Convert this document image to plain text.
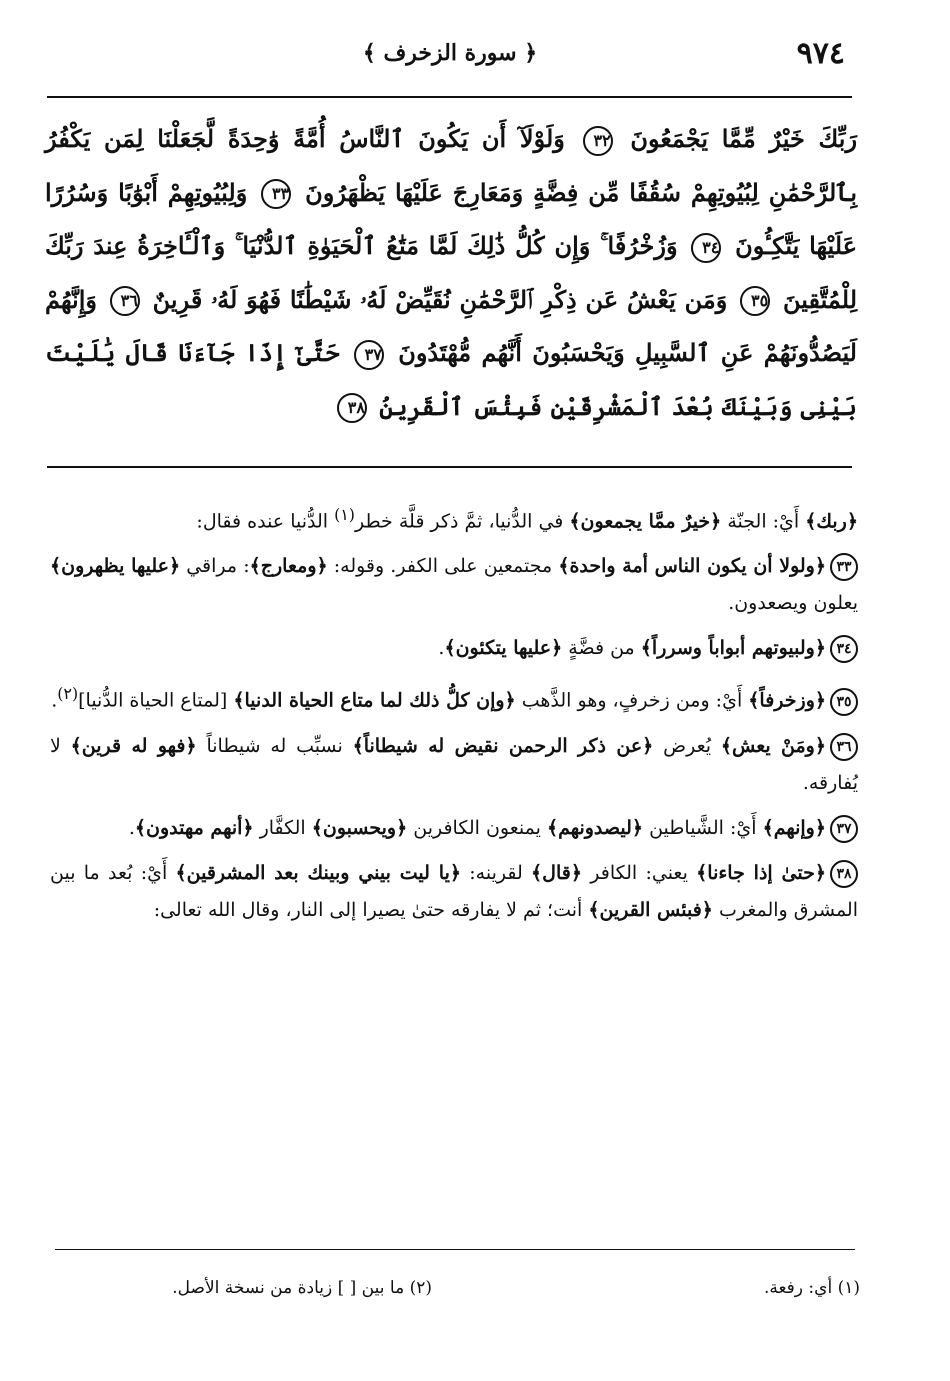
٩٧٤
﴿ سورة الزخرف ﴾
رَبِّكَ خَيْرٌ مِّمَّا يَجْمَعُونَ ٣٢ وَلَوْلَآ أَن يَكُونَ ٱلنَّاسُ أُمَّةً وَٰحِدَةً لَّجَعَلْنَا لِمَن يَكْفُرُ بِٱلرَّحْمَٰنِ لِبُيُوتِهِمْ سُقُفًا مِّن فِضَّةٍ وَمَعَارِجَ عَلَيْهَا يَظْهَرُونَ ٣٣ وَلِبُيُوتِهِمْ أَبْوَٰبًا وَسُرُرًا عَلَيْهَا يَتَّكِـُٔونَ ٣٤ وَزُخْرُفًا ۚ وَإِن كُلُّ ذَٰلِكَ لَمَّا مَتَٰعُ ٱلْحَيَوٰةِ ٱلدُّنْيَا ۚ وَٱلْـَٔاخِرَةُ عِندَ رَبِّكَ لِلْمُتَّقِينَ ٣٥ وَمَن يَعْشُ عَن ذِكْرِ ٱلرَّحْمَٰنِ نُقَيِّضْ لَهُۥ شَيْطَٰنًا فَهُوَ لَهُۥ قَرِينٌ ٣٦ وَإِنَّهُمْ لَيَصُدُّونَهُمْ عَنِ ٱلسَّبِيلِ وَيَحْسَبُونَ أَنَّهُم مُّهْتَدُونَ ٣٧ حَتَّىٰٓ إِذَا جَآءَنَا قَالَ يَٰلَيْتَ بَيْنِى وَبَيْنَكَ بُعْدَ ٱلْمَشْرِقَيْنِ فَبِئْسَ ٱلْقَرِينُ ٣٨

﴿ربك﴾ أَيْ: الجنّة ﴿خيرٌ ممَّا يجمعون﴾ في الدُّنيا، ثمَّ ذكر قلَّة خطر$^{(١)}$ الدُّنيا عنده فقال:

٣٣﴿ولولا أن يكون الناس أمة واحدة﴾ مجتمعين على الكفر. وقوله: ﴿ومعارج﴾: مراقي ﴿عليها يظهرون﴾ يعلون ويصعدون.

٣٤﴿ولبيوتهم أبواباً وسرراً﴾ من فضَّةٍ ﴿عليها يتكئون﴾.

٣٥﴿وزخرفاً﴾ أَيْ: ومن زخرفٍ، وهو الذَّهب ﴿وإن كلُّ ذلك لما متاع الحياة الدنيا﴾ [لمتاع الحياة الدُّنيا]$^{(٢)}$.

٣٦﴿ومَنْ يعش﴾ يُعرض ﴿عن ذكر الرحمن نقيض له شيطاناً﴾ نسبِّب له شيطاناً ﴿فهو له قرين﴾ لا يُفارقه.

٣٧﴿وإنهم﴾ أَيْ: الشَّياطين ﴿ليصدونهم﴾ يمنعون الكافرين ﴿ويحسبون﴾ الكفَّار ﴿أنهم مهتدون﴾.

٣٨﴿حتىٰ إذا جاءنا﴾ يعني: الكافر ﴿قال﴾ لقرينه: ﴿يا ليت بيني وبينك بعد المشرقين﴾ أَيْ: بُعد ما بين المشرق والمغرب ﴿فبئس القرين﴾ أنت؛ ثم لا يفارقه حتىٰ يصيرا إلى النار، وقال الله تعالى:

(١) أي: رفعة.
(٢) ما بين [ ] زيادة من نسخة الأصل.
